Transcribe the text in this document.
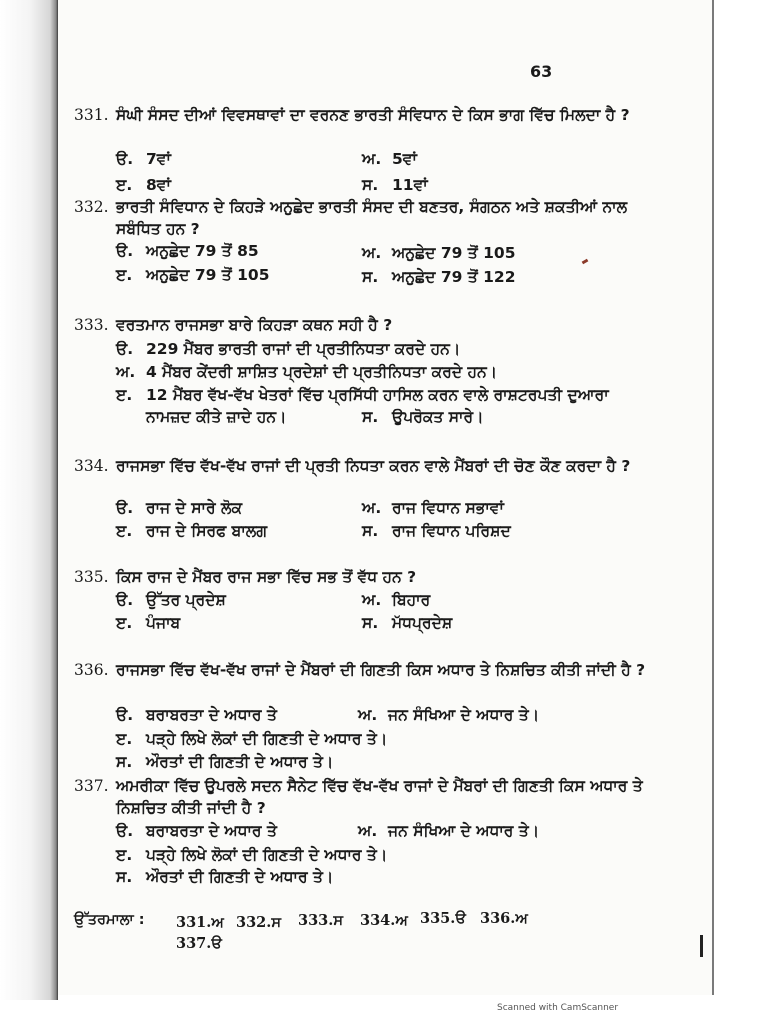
63
331. ਸੰਘੀ ਸੰਸਦ ਦੀਆਂ ਵਿਵਸਥਾਵਾਂ ਦਾ ਵਰਨਣ ਭਾਰਤੀ ਸੰਵਿਧਾਨ ਦੇ ਕਿਸ ਭਾਗ ਵਿੱਚ ਮਿਲਦਾ ਹੈ ?
ੳ. 7ਵਾਂ	ਅ. 5ਵਾਂ
ੲ. 8ਵਾਂ	ਸ. 11ਵਾਂ
332. ਭਾਰਤੀ ਸੰਵਿਧਾਨ ਦੇ ਕਿਹੜੇ ਅਨੁਛੇਦ ਭਾਰਤੀ ਸੰਸਦ ਦੀ ਬਣਤਰ, ਸੰਗਠਨ ਅਤੇ ਸ਼ਕਤੀਆਂ ਨਾਲ ਸਬੰਧਿਤ ਹਨ ?
ੳ. ਅਨੁਛੇਦ 79 ਤੋਂ 85	ਅ. ਅਨੁਛੇਦ 79 ਤੋਂ 105
ੲ. ਅਨੁਛੇਦ 79 ਤੋਂ 105	ਸ. ਅਨੁਛੇਦ 79 ਤੋਂ 122
333. ਵਰਤਮਾਨ ਰਾਜਸਭਾ ਬਾਰੇ ਕਿਹੜਾ ਕਥਨ ਸਹੀ ਹੈ ?
ੳ. 229 ਮੈਂਬਰ ਭਾਰਤੀ ਰਾਜਾਂ ਦੀ ਪ੍ਰਤੀਨਿਧਤਾ ਕਰਦੇ ਹਨ।
ਅ. 4 ਮੈਂਬਰ ਕੇਂਦਰੀ ਸ਼ਾਸ਼ਿਤ ਪ੍ਰਦੇਸ਼ਾਂ ਦੀ ਪ੍ਰਤੀਨਿਧਤਾ ਕਰਦੇ ਹਨ।
ੲ. 12 ਮੈਂਬਰ ਵੱਖ-ਵੱਖ ਖੇਤਰਾਂ ਵਿੱਚ ਪ੍ਰਸਿੱਧੀ ਹਾਸਿਲ ਕਰਨ ਵਾਲੇ ਰਾਸ਼ਟਰਪਤੀ ਦੁਆਰਾ ਨਾਮਜ਼ਦ ਕੀਤੇ ਜ਼ਾਦੇ ਹਨ।	ਸ. ਉਪਰੋਕਤ ਸਾਰੇ।
334. ਰਾਜਸਭਾ ਵਿੱਚ ਵੱਖ-ਵੱਖ ਰਾਜਾਂ ਦੀ ਪ੍ਰਤੀ ਨਿਧਤਾ ਕਰਨ ਵਾਲੇ ਮੈਂਬਰਾਂ ਦੀ ਚੋਣ ਕੌਣ ਕਰਦਾ ਹੈ ?
ੳ. ਰਾਜ ਦੇ ਸਾਰੇ ਲੋਕ	ਅ. ਰਾਜ ਵਿਧਾਨ ਸਭਾਵਾਂ
ੲ. ਰਾਜ ਦੇ ਸਿਰਫ ਬਾਲਗ	ਸ. ਰਾਜ ਵਿਧਾਨ ਪਰਿਸ਼ਦ
335. ਕਿਸ ਰਾਜ ਦੇ ਮੈਂਬਰ ਰਾਜ ਸਭਾ ਵਿੱਚ ਸਭ ਤੋਂ ਵੱਧ ਹਨ ?
ੳ. ਉੱਤਰ ਪ੍ਰਦੇਸ਼	ਅ. ਬਿਹਾਰ
ੲ. ਪੰਜਾਬ	ਸ. ਮੱਧਪ੍ਰਦੇਸ਼
336. ਰਾਜਸਭਾ ਵਿੱਚ ਵੱਖ-ਵੱਖ ਰਾਜਾਂ ਦੇ ਮੈਂਬਰਾਂ ਦੀ ਗਿਣਤੀ ਕਿਸ ਅਧਾਰ ਤੇ ਨਿਸ਼ਚਿਤ ਕੀਤੀ ਜਾਂਦੀ ਹੈ ?
ੳ. ਬਰਾਬਰਤਾ ਦੇ ਅਧਾਰ ਤੇ	ਅ. ਜਨ ਸੰਖਿਆ ਦੇ ਅਧਾਰ ਤੇ।
ੲ. ਪੜ੍ਹੇ ਲਿਖੇ ਲੋਕਾਂ ਦੀ ਗਿਣਤੀ ਦੇ ਅਧਾਰ ਤੇ।
ਸ. ਔਰਤਾਂ ਦੀ ਗਿਣਤੀ ਦੇ ਅਧਾਰ ਤੇ।
337. ਅਮਰੀਕਾ ਵਿੱਚ ਉਪਰਲੇ ਸਦਨ ਸੈਨੇਟ ਵਿੱਚ ਵੱਖ-ਵੱਖ ਰਾਜਾਂ ਦੇ ਮੈਂਬਰਾਂ ਦੀ ਗਿਣਤੀ ਕਿਸ ਅਧਾਰ ਤੇ ਨਿਸ਼ਚਿਤ ਕੀਤੀ ਜਾਂਦੀ ਹੈ ?
ੳ. ਬਰਾਬਰਤਾ ਦੇ ਅਧਾਰ ਤੇ	ਅ. ਜਨ ਸੰਖਿਆ ਦੇ ਅਧਾਰ ਤੇ।
ੲ. ਪੜ੍ਹੇ ਲਿਖੇ ਲੋਕਾਂ ਦੀ ਗਿਣਤੀ ਦੇ ਅਧਾਰ ਤੇ।
ਸ. ਔਰਤਾਂ ਦੀ ਗਿਣਤੀ ਦੇ ਅਧਾਰ ਤੇ।
ਉੱਤਰਮਾਲਾ : 331.ਅ 332.ਸ 333.ਸ 334.ਅ 335.ੳ 336.ਅ
337.ੳ
Scanned with CamScanner
